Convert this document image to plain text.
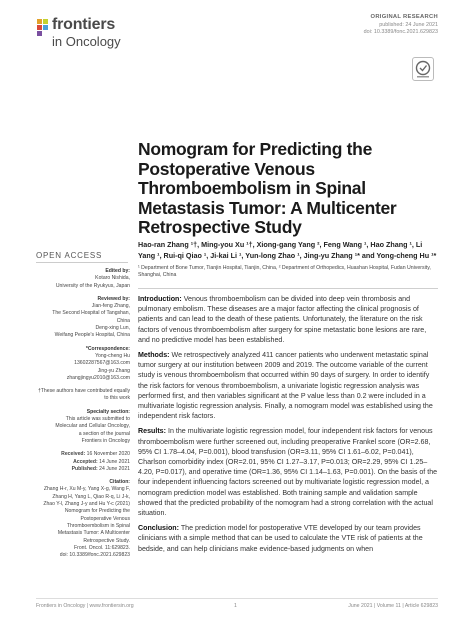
frontiers
in Oncology
ORIGINAL RESEARCH
published: 24 June 2021
doi: 10.3389/fonc.2021.629823
Nomogram for Predicting the Postoperative Venous Thromboembolism in Spinal Metastasis Tumor: A Multicenter Retrospective Study
Hao-ran Zhang ¹†, Ming-you Xu ¹†, Xiong-gang Yang ², Feng Wang ¹, Hao Zhang ¹, Li Yang ¹, Rui-qi Qiao ¹, Ji-kai Li ¹, Yun-long Zhao ¹, Jing-yu Zhang ¹* and Yong-cheng Hu ¹*
¹ Department of Bone Tumor, Tianjin Hospital, Tianjin, China, ² Department of Orthopedics, Huashan Hospital, Fudan University, Shanghai, China
OPEN ACCESS
Edited by:
Kotaro Nishida,
University of the Ryukyus, Japan
Reviewed by:
Jian-feng Zhang,
The Second Hospital of Tangshan,
China
Deng-xing Lun,
Weifang People's Hospital, China
*Correspondence:
Yong-cheng Hu
13602287567@163.com
Jing-yu Zhang
zhangjingyu2010@163.com
†These authors have contributed equally to this work
Specialty section:
This article was submitted to
Molecular and Cellular Oncology,
a section of the journal
Frontiers in Oncology
Received: 16 November 2020
Accepted: 14 June 2021
Published: 24 June 2021
Citation:
Zhang H-r, Xu M-y, Yang X-g, Wang F,
Zhang H, Yang L, Qiao R-q, Li J-k,
Zhao Y-l, Zhang J-y and Hu Y-c (2021)
Nomogram for Predicting the
Postoperative Venous
Thromboembolism in Spinal
Metastasis Tumor: A Multicenter
Retrospective Study.
Front. Oncol. 11:629823.
doi: 10.3389/fonc.2021.629823

Introduction: Venous thromboembolism can be divided into deep vein thrombosis and pulmonary embolism. These diseases are a major factor affecting the clinical prognosis of patients and can lead to the death of these patients. Unfortunately, the literature on the risk factors of venous thromboembolism after surgery for spine metastatic bone lesions are rare, and no predictive model has been established.

Methods: We retrospectively analyzed 411 cancer patients who underwent metastatic spinal tumor surgery at our institution between 2009 and 2019. The outcome variable of the current study is venous thromboembolism that occurred within 90 days of surgery. In order to identify the risk factors for venous thromboembolism, a univariate logistic regression analysis was performed first, and then variables significant at the P value less than 0.2 were included in a multivariate logistic regression analysis. Finally, a nomogram model was established using the independent risk factors.

Results: In the multivariate logistic regression model, four independent risk factors for venous thromboembolism were further screened out, including preoperative Frankel score (OR=2.68, 95% CI 1.78–4.04, P=0.001), blood transfusion (OR=3.11, 95% CI 1.61–6.02, P=0.041), Charlson comorbidity index (OR=2.01, 95% CI 1.27–3.17, P=0.013; OR=2.29, 95% CI 1.25–4.20, P=0.017), and operative time (OR=1.36, 95% CI 1.14–1.63, P=0.001). On the basis of the four independent influencing factors screened out by multivariate logistic regression model, a nomogram prediction model was established. Both training sample and validation sample showed that the predicted probability of the nomogram had a strong correlation with the actual situation.

Conclusion: The prediction model for postoperative VTE developed by our team provides clinicians with a simple method that can be used to calculate the VTE risk of patients at the bedside, and can help clinicians make evidence-based judgments on when

Frontiers in Oncology | www.frontiersin.org	1	June 2021 | Volume 11 | Article 629823
